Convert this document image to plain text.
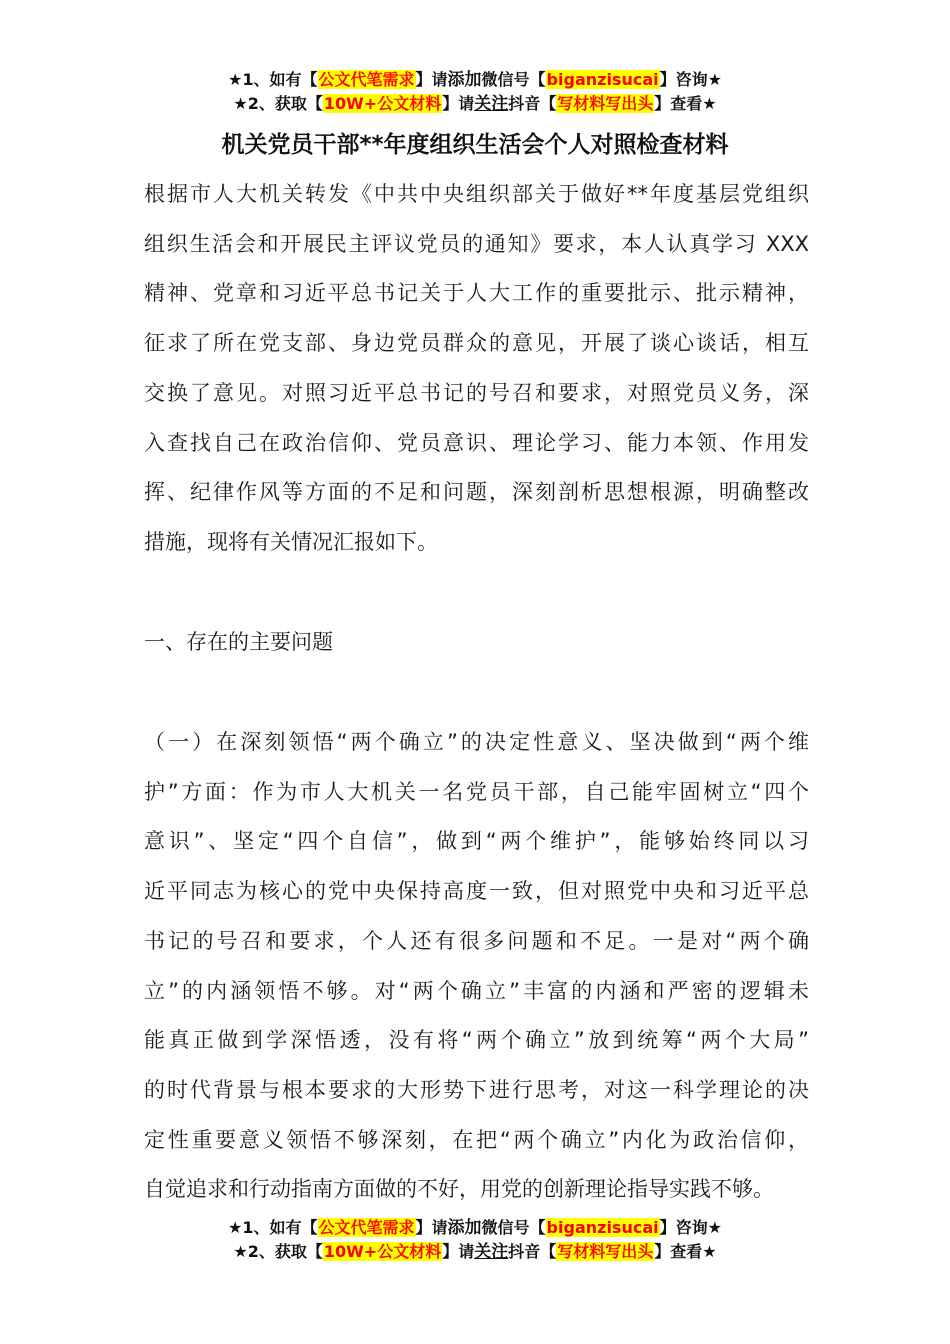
★1、如有【公文代笔需求】请添加微信号【biganzisucai】咨询★
★2、获取【10W+公文材料】请关注抖音【写材料写出头】查看★
机关党员干部**年度组织生活会个人对照检查材料
根据市人大机关转发《中共中央组织部关于做好**年度基层党组织
组织生活会和开展民主评议党员的通知》要求，本人认真学习 XXX
精神、党章和习近平总书记关于人大工作的重要批示、批示精神，
征求了所在党支部、身边党员群众的意见，开展了谈心谈话，相互
交换了意见。对照习近平总书记的号召和要求，对照党员义务，深
入查找自己在政治信仰、党员意识、理论学习、能力本领、作用发
挥、纪律作风等方面的不足和问题，深刻剖析思想根源，明确整改
措施，现将有关情况汇报如下。
一、存在的主要问题
（一）在深刻领悟“两个确立”的决定性意义、坚决做到“两个维
护”方面：作为市人大机关一名党员干部，自己能牢固树立“四个
意识”、坚定“四个自信”，做到“两个维护”，能够始终同以习
近平同志为核心的党中央保持高度一致，但对照党中央和习近平总
书记的号召和要求，个人还有很多问题和不足。一是对“两个确
立”的内涵领悟不够。对“两个确立”丰富的内涵和严密的逻辑未
能真正做到学深悟透，没有将“两个确立”放到统筹“两个大局”
的时代背景与根本要求的大形势下进行思考，对这一科学理论的决
定性重要意义领悟不够深刻，在把“两个确立”内化为政治信仰，
自觉追求和行动指南方面做的不好，用党的创新理论指导实践不够。
★1、如有【公文代笔需求】请添加微信号【biganzisucai】咨询★
★2、获取【10W+公文材料】请关注抖音【写材料写出头】查看★
